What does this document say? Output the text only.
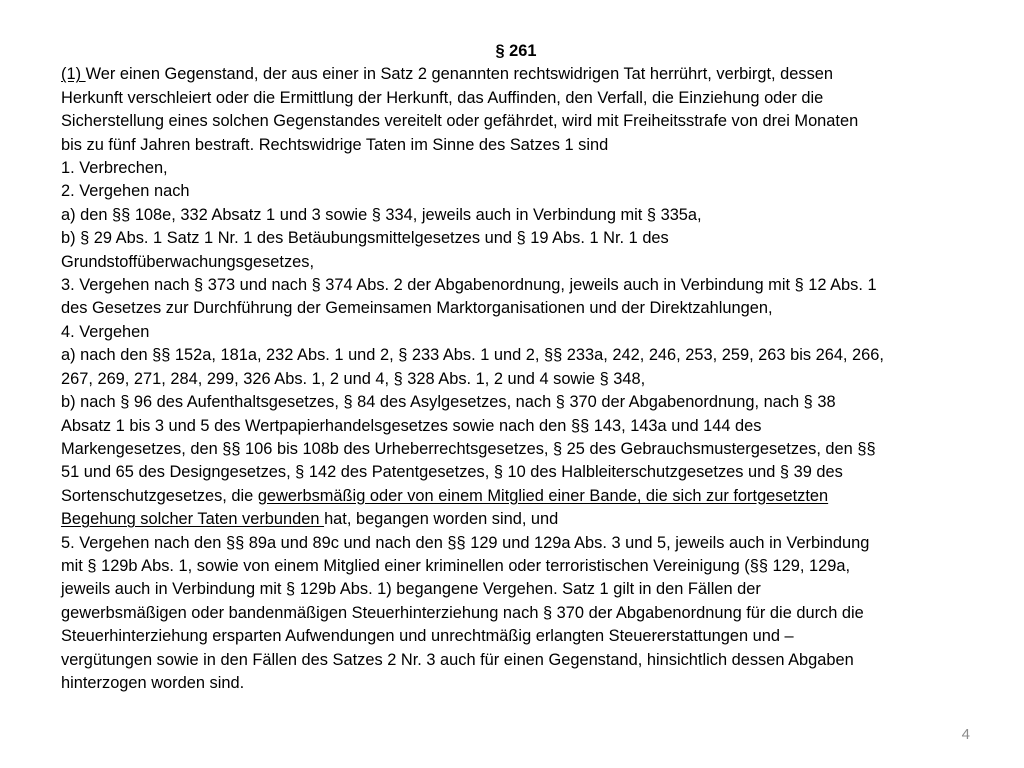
§ 261

(1) Wer einen Gegenstand, der aus einer in Satz 2 genannten rechtswidrigen Tat herrührt, verbirgt, dessen

Herkunft verschleiert oder die Ermittlung der Herkunft, das Auffinden, den Verfall, die Einziehung oder die

Sicherstellung eines solchen Gegenstandes vereitelt oder gefährdet, wird mit Freiheitsstrafe von drei Monaten

bis zu fünf Jahren bestraft. Rechtswidrige Taten im Sinne des Satzes 1 sind

1. Verbrechen,

2. Vergehen nach

a) den §§ 108e, 332 Absatz 1 und 3 sowie § 334, jeweils auch in Verbindung mit § 335a,

b) § 29 Abs. 1 Satz 1 Nr. 1 des Betäubungsmittelgesetzes und § 19 Abs. 1 Nr. 1 des

Grundstoffüberwachungsgesetzes,

3. Vergehen nach § 373 und nach § 374 Abs. 2 der Abgabenordnung, jeweils auch in Verbindung mit § 12 Abs. 1

des Gesetzes zur Durchführung der Gemeinsamen Marktorganisationen und der Direktzahlungen,

4. Vergehen

a) nach den §§ 152a, 181a, 232 Abs. 1 und 2, § 233 Abs. 1 und 2, §§ 233a, 242, 246, 253, 259, 263 bis 264, 266,

267, 269, 271, 284, 299, 326 Abs. 1, 2 und 4, § 328 Abs. 1, 2 und 4 sowie § 348,

b) nach § 96 des Aufenthaltsgesetzes, § 84 des Asylgesetzes, nach § 370 der Abgabenordnung, nach § 38

Absatz 1 bis 3 und 5 des Wertpapierhandelsgesetzes sowie nach den §§ 143, 143a und 144 des

Markengesetzes, den §§ 106 bis 108b des Urheberrechtsgesetzes, § 25 des Gebrauchsmustergesetzes, den §§

51 und 65 des Designgesetzes, § 142 des Patentgesetzes, § 10 des Halbleiterschutzgesetzes und § 39 des

Sortenschutzgesetzes, die gewerbsmäßig oder von einem Mitglied einer Bande, die sich zur fortgesetzten

Begehung solcher Taten verbunden hat, begangen worden sind, und

5. Vergehen nach den §§ 89a und 89c und nach den §§ 129 und 129a Abs. 3 und 5, jeweils auch in Verbindung

mit § 129b Abs. 1, sowie von einem Mitglied einer kriminellen oder terroristischen Vereinigung (§§ 129, 129a,

jeweils auch in Verbindung mit § 129b Abs. 1) begangene Vergehen. Satz 1 gilt in den Fällen der

gewerbsmäßigen oder bandenmäßigen Steuerhinterziehung nach § 370 der Abgabenordnung für die durch die

Steuerhinterziehung ersparten Aufwendungen und unrechtmäßig erlangten Steuererstattungen und –

vergütungen sowie in den Fällen des Satzes 2 Nr. 3 auch für einen Gegenstand, hinsichtlich dessen Abgaben

hinterzogen worden sind.

4
